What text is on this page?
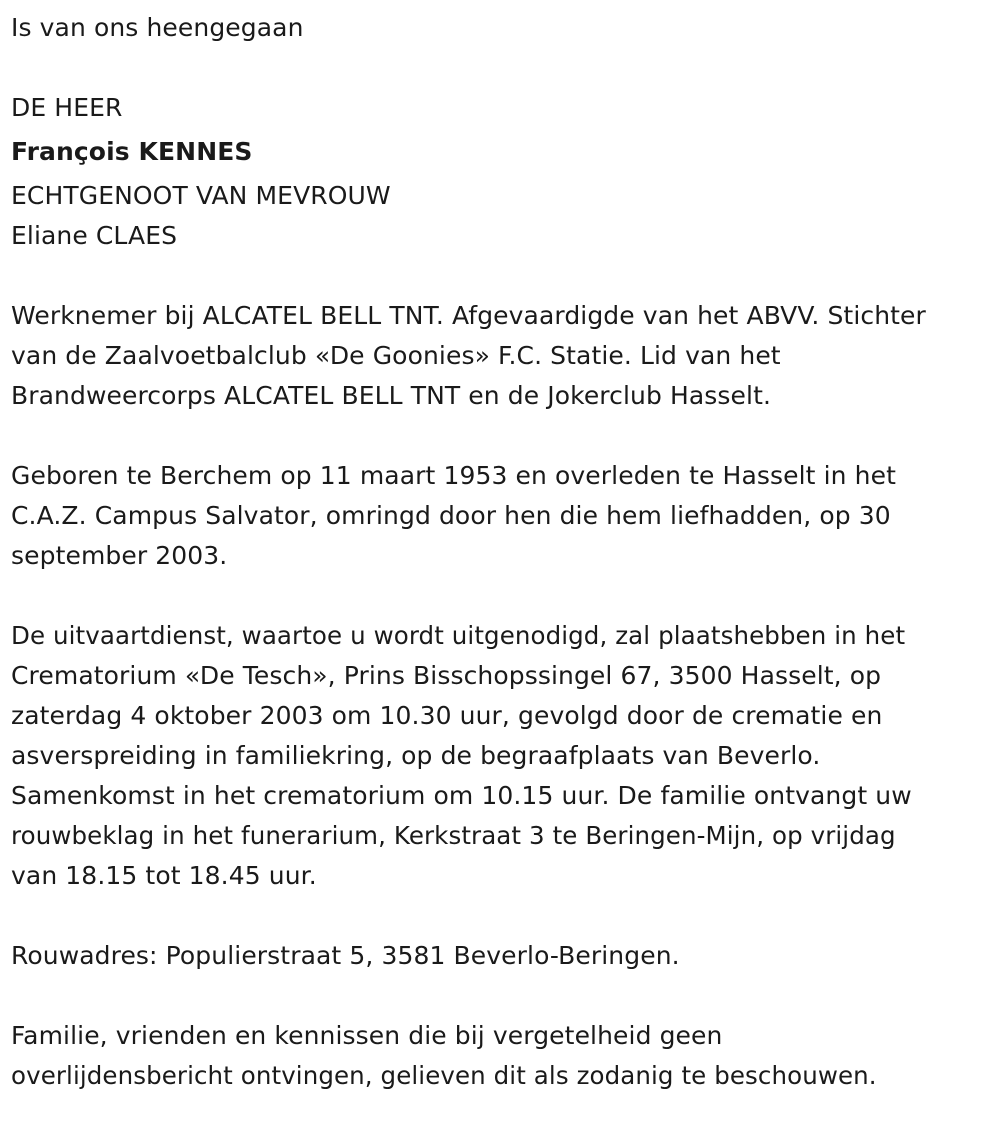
Is van ons heengegaan
DE HEER
François KENNES
ECHTGENOOT VAN MEVROUW
Eliane CLAES
Werknemer bij ALCATEL BELL TNT. Afgevaardigde van het ABVV. Stichter
van de Zaalvoetbalclub «De Goonies» F.C. Statie. Lid van het
Brandweercorps ALCATEL BELL TNT en de Jokerclub Hasselt.
Geboren te Berchem op 11 maart 1953 en overleden te Hasselt in het
C.A.Z. Campus Salvator, omringd door hen die hem liefhadden, op 30
september 2003.
De uitvaartdienst, waartoe u wordt uitgenodigd, zal plaatshebben in het
Crematorium «De Tesch», Prins Bisschopssingel 67, 3500 Hasselt, op
zaterdag 4 oktober 2003 om 10.30 uur, gevolgd door de crematie en
asverspreiding in familiekring, op de begraafplaats van Beverlo.
Samenkomst in het crematorium om 10.15 uur. De familie ontvangt uw
rouwbeklag in het funerarium, Kerkstraat 3 te Beringen-Mijn, op vrijdag
van 18.15 tot 18.45 uur.
Rouwadres: Populierstraat 5, 3581 Beverlo-Beringen.
Familie, vrienden en kennissen die bij vergetelheid geen
overlijdensbericht ontvingen, gelieven dit als zodanig te beschouwen.
